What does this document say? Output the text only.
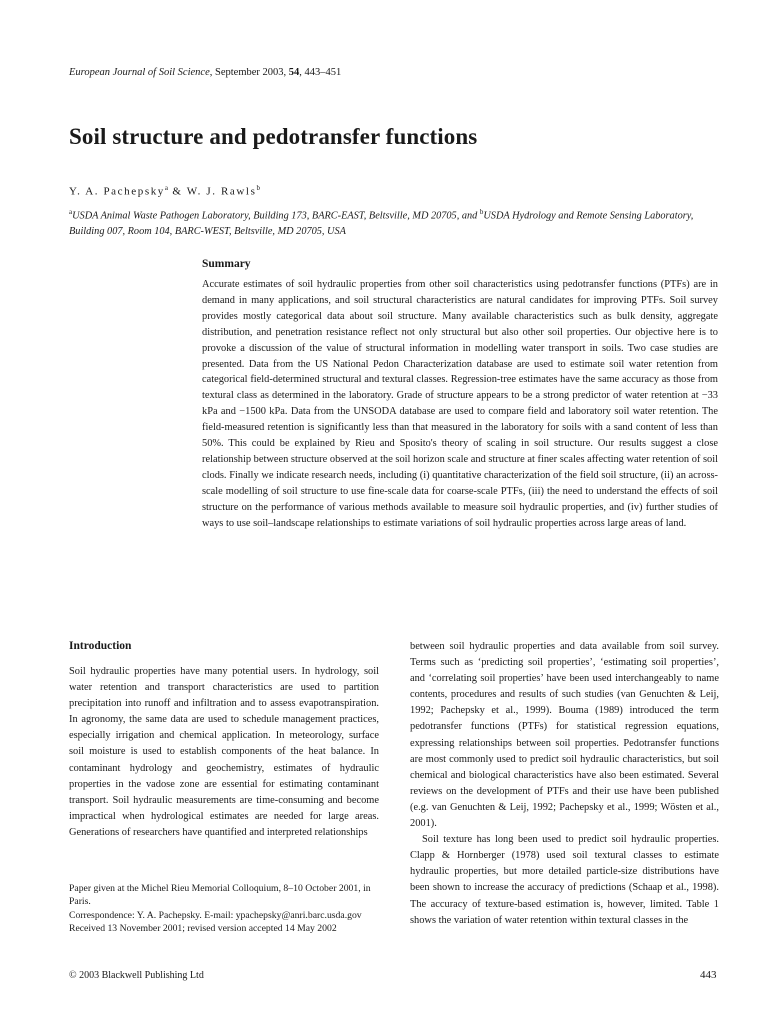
European Journal of Soil Science, September 2003, 54, 443–451
Soil structure and pedotransfer functions
Y. A. Pachepsky$^a$ & W. J. Rawls$^b$
$^a$USDA Animal Waste Pathogen Laboratory, Building 173, BARC-EAST, Beltsville, MD 20705, and $^b$USDA Hydrology and Remote Sensing Laboratory, Building 007, Room 104, BARC-WEST, Beltsville, MD 20705, USA
Summary

Accurate estimates of soil hydraulic properties from other soil characteristics using pedotransfer functions (PTFs) are in demand in many applications, and soil structural characteristics are natural candidates for improving PTFs. Soil survey provides mostly categorical data about soil structure. Many available characteristics such as bulk density, aggregate distribution, and penetration resistance reflect not only structural but also other soil properties. Our objective here is to provoke a discussion of the value of structural information in modelling water transport in soils. Two case studies are presented. Data from the US National Pedon Characterization database are used to estimate soil water retention from categorical field-determined structural and textural classes. Regression-tree estimates have the same accuracy as those from textural class as determined in the laboratory. Grade of structure appears to be a strong predictor of water retention at −33 kPa and −1500 kPa. Data from the UNSODA database are used to compare field and laboratory soil water retention. The field-measured retention is significantly less than that measured in the laboratory for soils with a sand content of less than 50%. This could be explained by Rieu and Sposito's theory of scaling in soil structure. Our results suggest a close relationship between structure observed at the soil horizon scale and structure at finer scales affecting water retention of soil clods. Finally we indicate research needs, including (i) quantitative characterization of the field soil structure, (ii) an across-scale modelling of soil structure to use fine-scale data for coarse-scale PTFs, (iii) the need to understand the effects of soil structure on the performance of various methods available to measure soil hydraulic properties, and (iv) further studies of ways to use soil–landscape relationships to estimate variations of soil hydraulic properties across large areas of land.

Introduction

Soil hydraulic properties have many potential users. In hydrology, soil water retention and transport characteristics are used to partition precipitation into runoff and infiltration and to assess evapotranspiration. In agronomy, the same data are used to schedule management practices, especially irrigation and chemical application. In meteorology, surface soil moisture is used to establish components of the heat balance. In contaminant hydrology and geochemistry, estimates of hydraulic properties in the vadose zone are essential for estimating contaminant transport. Soil hydraulic measurements are time-consuming and become impractical when hydrological estimates are needed for large areas. Generations of researchers have quantified and interpreted relationships

between soil hydraulic properties and data available from soil survey. Terms such as ‘predicting soil properties’, ‘estimating soil properties’, and ‘correlating soil properties’ have been used interchangeably to name contents, procedures and results of such studies (van Genuchten & Leij, 1992; Pachepsky et al., 1999). Bouma (1989) introduced the term pedotransfer functions (PTFs) for statistical regression equations, expressing relationships between soil properties. Pedotransfer functions are most commonly used to predict soil hydraulic characteristics, but soil chemical and biological characteristics have also been estimated. Several reviews on the development of PTFs and their use have been published (e.g. van Genuchten & Leij, 1992; Pachepsky et al., 1999; Wösten et al., 2001).

Soil texture has long been used to predict soil hydraulic properties. Clapp & Hornberger (1978) used soil textural classes to estimate hydraulic properties, but more detailed particle-size distributions have been shown to increase the accuracy of predictions (Schaap et al., 1998). The accuracy of texture-based estimation is, however, limited. Table 1 shows the variation of water retention within textural classes in the

Paper given at the Michel Rieu Memorial Colloquium, 8–10 October 2001, in Paris.
Correspondence: Y. A. Pachepsky. E-mail: ypachepsky@anri.barc.usda.gov
Received 13 November 2001; revised version accepted 14 May 2002
© 2003 Blackwell Publishing Ltd	443
